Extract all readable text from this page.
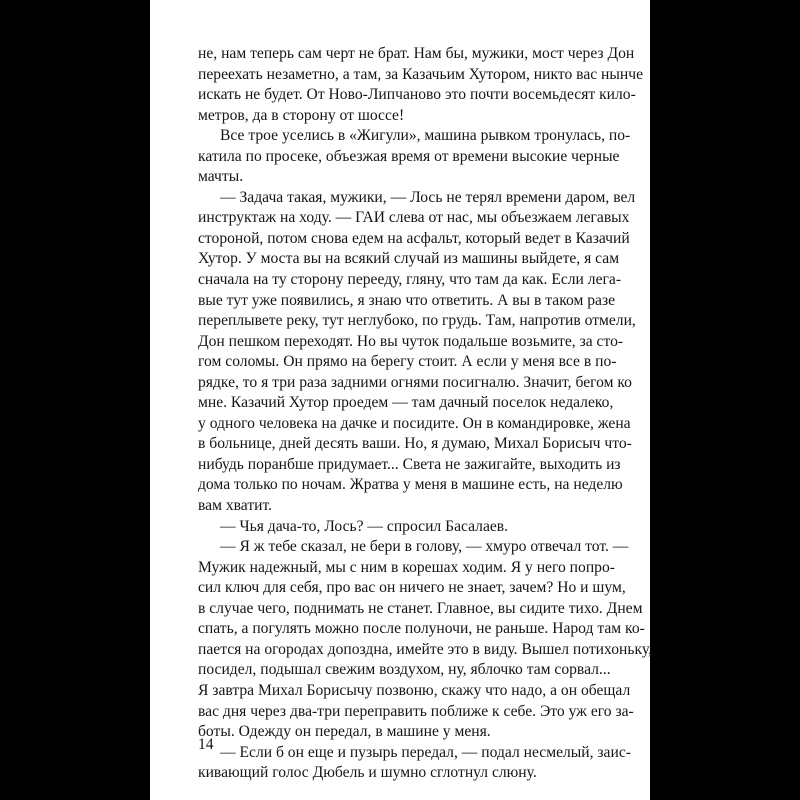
не, нам теперь сам черт не брат. Нам бы, мужики, мост через Дон
переехать незаметно, а там, за Казачьим Хутором, никто вас нынче
искать не будет. От Ново-Липчаново это почти восемьдесят кило-
метров, да в сторону от шоссе!
Все трое уселись в «Жигули», машина рывком тронулась, по-
катила по просеке, объезжая время от времени высокие черные
мачты.
— Задача такая, мужики, — Лось не терял времени даром, вел
инструктаж на ходу. — ГАИ слева от нас, мы объезжаем легавых
стороной, потом снова едем на асфальт, который ведет в Казачий
Хутор. У моста вы на всякий случай из машины выйдете, я сам
сначала на ту сторону перееду, гляну, что там да как. Если лега-
вые тут уже появились, я знаю что ответить. А вы в таком разе
переплывете реку, тут неглубоко, по грудь. Там, напротив отмели,
Дон пешком переходят. Но вы чуток подальше возьмите, за сто-
гом соломы. Он прямо на берегу стоит. А если у меня все в по-
рядке, то я три раза задними огнями посигналю. Значит, бегом ко
мне. Казачий Хутор проедем — там дачный поселок недалеко,
у одного человека на дачке и посидите. Он в командировке, жена
в больнице, дней десять ваши. Но, я думаю, Михал Борисыч что-
нибудь поранбше придумает... Света не зажигайте, выходить из
дома только по ночам. Жратва у меня в машине есть, на неделю
вам хватит.
— Чья дача-то, Лось? — спросил Басалаев.
— Я ж тебе сказал, не бери в голову, — хмуро отвечал тот. —
Мужик надежный, мы с ним в корешах ходим. Я у него попро-
сил ключ для себя, про вас он ничего не знает, зачем? Но и шум,
в случае чего, поднимать не станет. Главное, вы сидите тихо. Днем
спать, а погулять можно после полуночи, не раньше. Народ там ко-
пается на огородах допоздна, имейте это в виду. Вышел потихоньку,
посидел, подышал свежим воздухом, ну, яблочко там сорвал...
Я завтра Михал Борисычу позвоню, скажу что надо, а он обещал
вас дня через два-три переправить поближе к себе. Это уж его за-
боты. Одежду он передал, в машине у меня.
— Если б он еще и пузырь передал, — подал несмелый, заис-
кивающий голос Дюбель и шумно сглотнул слюну.
14
